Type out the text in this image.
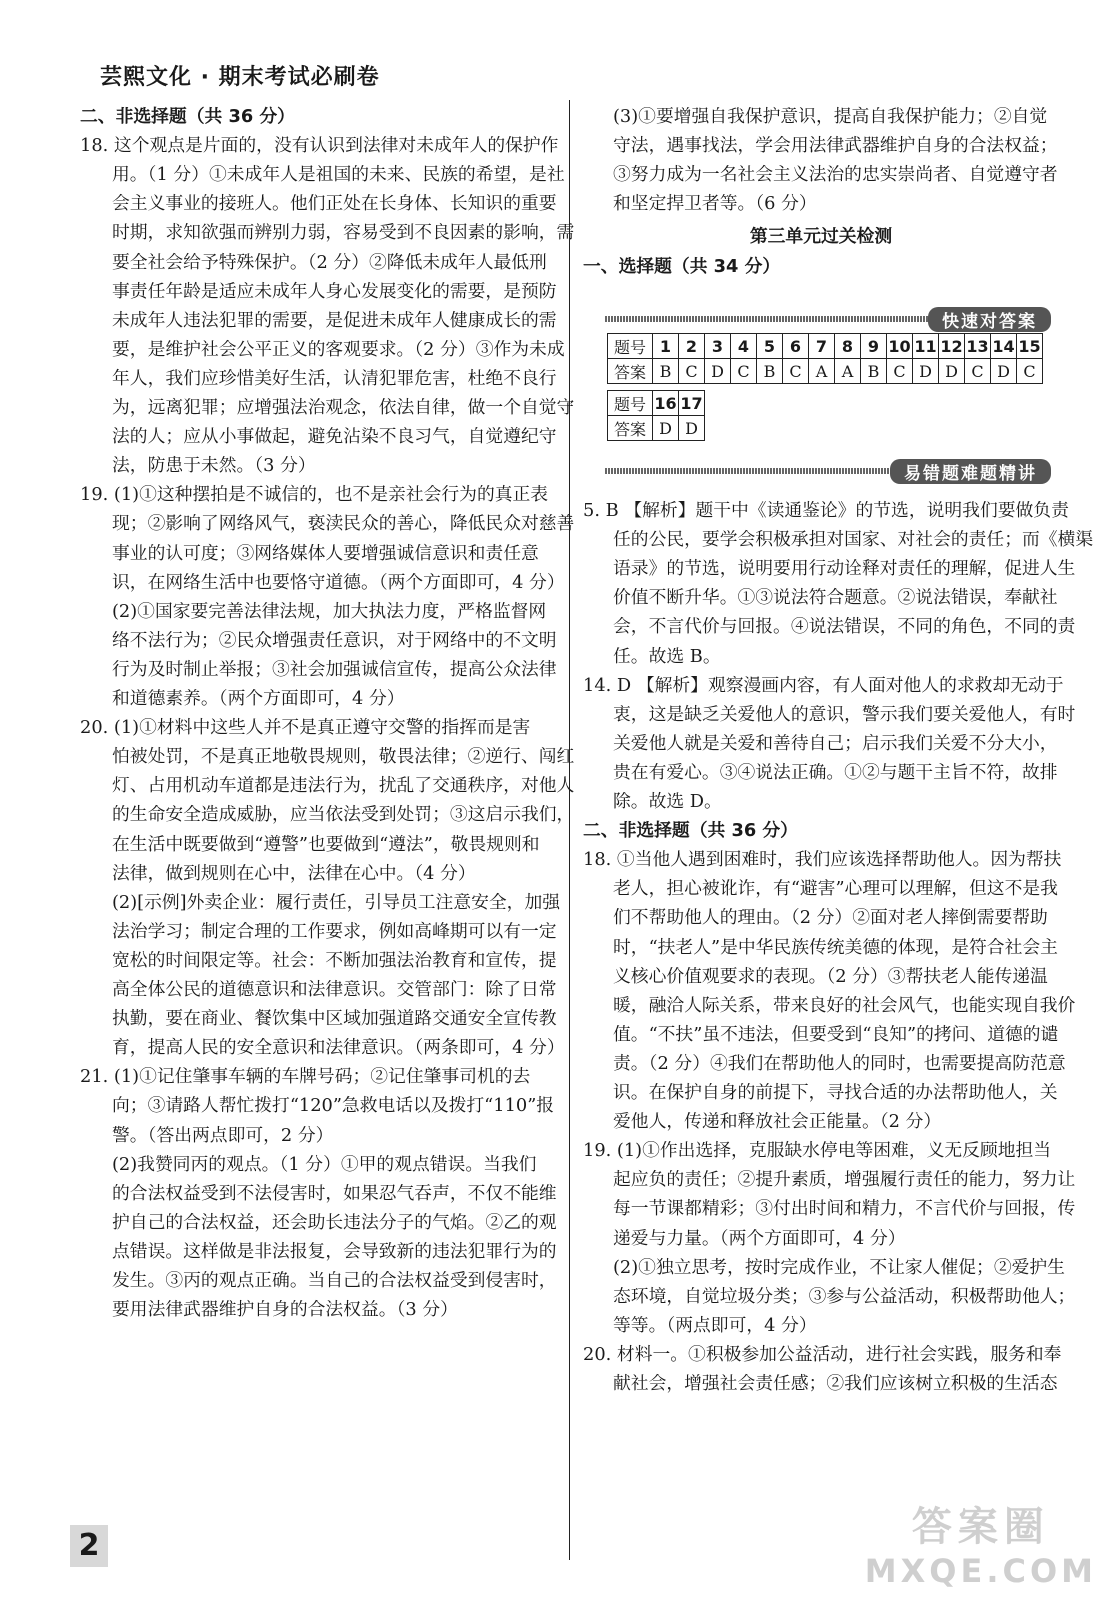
芸熙文化 · 期末考试必刷卷
二、非选择题（共 36 分）
18. 这个观点是片面的，没有认识到法律对未成年人的保护作
用。（1 分）①未成年人是祖国的未来、民族的希望，是社
会主义事业的接班人。他们正处在长身体、长知识的重要
时期，求知欲强而辨别力弱，容易受到不良因素的影响，需
要全社会给予特殊保护。（2 分）②降低未成年人最低刑
事责任年龄是适应未成年人身心发展变化的需要，是预防
未成年人违法犯罪的需要，是促进未成年人健康成长的需
要，是维护社会公平正义的客观要求。（2 分）③作为未成
年人，我们应珍惜美好生活，认清犯罪危害，杜绝不良行
为，远离犯罪；应增强法治观念，依法自律，做一个自觉守
法的人；应从小事做起，避免沾染不良习气，自觉遵纪守
法，防患于未然。（3 分）
19. (1)①这种摆拍是不诚信的，也不是亲社会行为的真正表
现；②影响了网络风气，亵渎民众的善心，降低民众对慈善
事业的认可度；③网络媒体人要增强诚信意识和责任意
识，在网络生活中也要恪守道德。（两个方面即可，4 分）
(2)①国家要完善法律法规，加大执法力度，严格监督网
络不法行为；②民众增强责任意识，对于网络中的不文明
行为及时制止举报；③社会加强诚信宣传，提高公众法律
和道德素养。（两个方面即可，4 分）
20. (1)①材料中这些人并不是真正遵守交警的指挥而是害
怕被处罚，不是真正地敬畏规则，敬畏法律；②逆行、闯红
灯、占用机动车道都是违法行为，扰乱了交通秩序，对他人
的生命安全造成威胁，应当依法受到处罚；③这启示我们，
在生活中既要做到“遵警”也要做到“遵法”，敬畏规则和
法律，做到规则在心中，法律在心中。（4 分）
(2)[示例]外卖企业：履行责任，引导员工注意安全，加强
法治学习；制定合理的工作要求，例如高峰期可以有一定
宽松的时间限定等。社会：不断加强法治教育和宣传，提
高全体公民的道德意识和法律意识。交管部门：除了日常
执勤，要在商业、餐饮集中区域加强道路交通安全宣传教
育，提高人民的安全意识和法律意识。（两条即可，4 分）
21. (1)①记住肇事车辆的车牌号码；②记住肇事司机的去
向；③请路人帮忙拨打“120”急救电话以及拨打“110”报
警。（答出两点即可，2 分）
(2)我赞同丙的观点。（1 分）①甲的观点错误。当我们
的合法权益受到不法侵害时，如果忍气吞声，不仅不能维
护自己的合法权益，还会助长违法分子的气焰。②乙的观
点错误。这样做是非法报复，会导致新的违法犯罪行为的
发生。③丙的观点正确。当自己的合法权益受到侵害时，
要用法律武器维护自身的合法权益。（3 分）
(3)①要增强自我保护意识，提高自我保护能力；②自觉
守法，遇事找法，学会用法律武器维护自身的合法权益；
③努力成为一名社会主义法治的忠实崇尚者、自觉遵守者
和坚定捍卫者等。（6 分）
第三单元过关检测
一、选择题（共 34 分）
快速对答案
题号	1	2	3	4	5	6	7	8	9	10	11	12	13	14	15
答案	B	C	D	C	B	C	A	A	B	C	D	D	C	D	C
题号	16	17
答案	D	D
易错题难题精讲
5. B 【解析】题干中《读通鉴论》的节选，说明我们要做负责
任的公民，要学会积极承担对国家、对社会的责任；而《横渠
语录》的节选，说明要用行动诠释对责任的理解，促进人生
价值不断升华。①③说法符合题意。②说法错误，奉献社
会，不言代价与回报。④说法错误，不同的角色，不同的责
任。故选 B。
14. D 【解析】观察漫画内容，有人面对他人的求救却无动于
衷，这是缺乏关爱他人的意识，警示我们要关爱他人，有时
关爱他人就是关爱和善待自己；启示我们关爱不分大小，
贵在有爱心。③④说法正确。①②与题干主旨不符，故排
除。故选 D。
二、非选择题（共 36 分）
18. ①当他人遇到困难时，我们应该选择帮助他人。因为帮扶
老人，担心被讹诈，有“避害”心理可以理解，但这不是我
们不帮助他人的理由。（2 分）②面对老人摔倒需要帮助
时，“扶老人”是中华民族传统美德的体现，是符合社会主
义核心价值观要求的表现。（2 分）③帮扶老人能传递温
暖，融洽人际关系，带来良好的社会风气，也能实现自我价
值。“不扶”虽不违法，但要受到“良知”的拷问、道德的谴
责。（2 分）④我们在帮助他人的同时，也需要提高防范意
识。在保护自身的前提下，寻找合适的办法帮助他人，关
爱他人，传递和释放社会正能量。（2 分）
19. (1)①作出选择，克服缺水停电等困难，义无反顾地担当
起应负的责任；②提升素质，增强履行责任的能力，努力让
每一节课都精彩；③付出时间和精力，不言代价与回报，传
递爱与力量。（两个方面即可，4 分）
(2)①独立思考，按时完成作业，不让家人催促；②爱护生
态环境，自觉垃圾分类；③参与公益活动，积极帮助他人；
等等。（两点即可，4 分）
20. 材料一。①积极参加公益活动，进行社会实践，服务和奉
献社会，增强社会责任感；②我们应该树立积极的生活态
2	答案圈
MXQE.COM
